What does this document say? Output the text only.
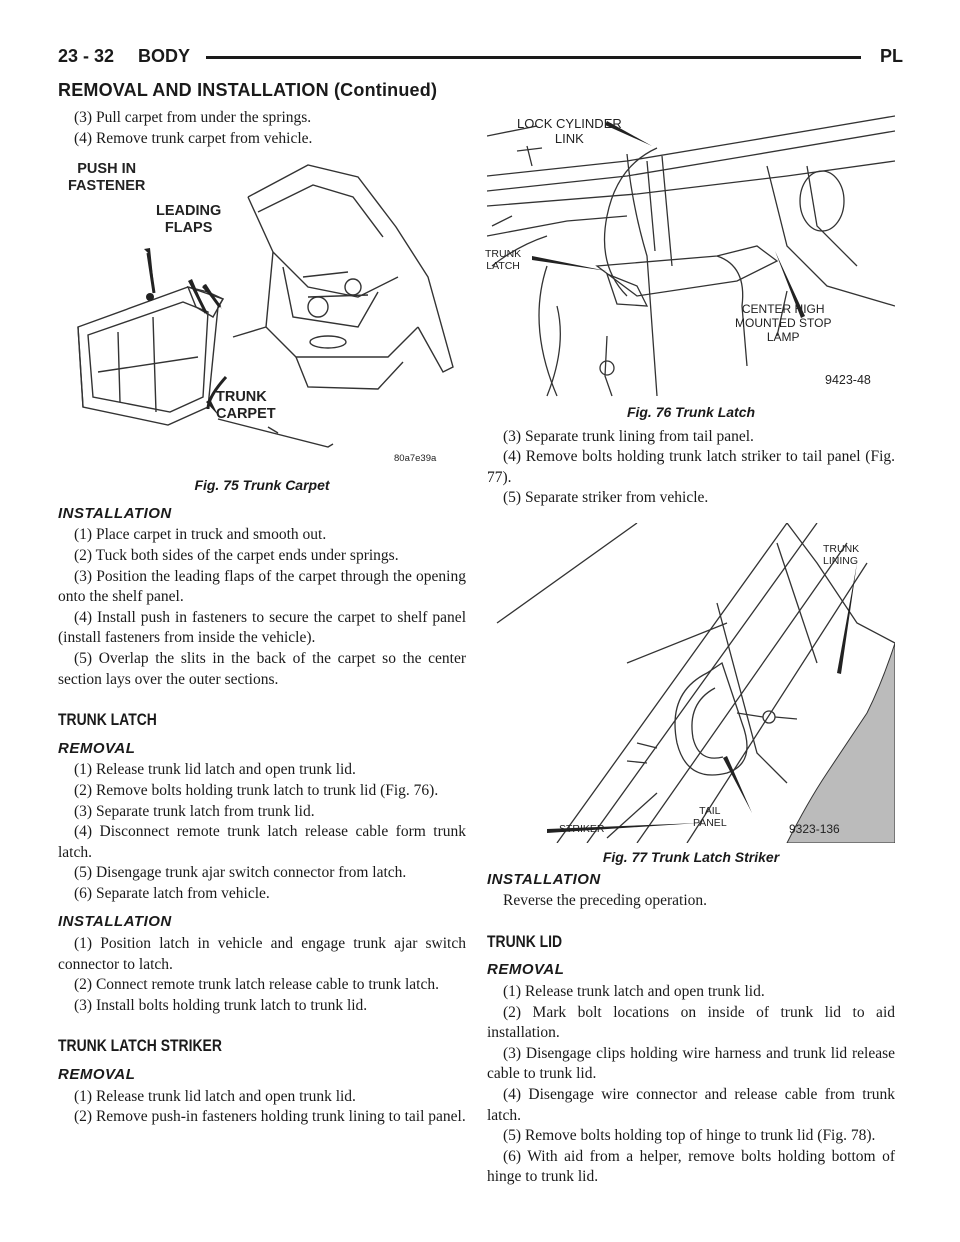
23 - 32 BODY	PL
REMOVAL AND INSTALLATION (Continued)

(3) Pull carpet from under the springs.

(4) Remove trunk carpet from vehicle.

PUSH IN
FASTENER
LEADING
FLAPS
TRUNK
CARPET
80a7e39a
Fig. 75 Trunk Carpet
INSTALLATION

(1) Place carpet in truck and smooth out.

(2) Tuck both sides of the carpet ends under springs.

(3) Position the leading flaps of the carpet through the opening onto the shelf panel.

(4) Install push in fasteners to secure the carpet to shelf panel (install fasteners from inside the vehicle).

(5) Overlap the slits in the back of the carpet so the center section lays over the outer sections.

TRUNK LATCH
REMOVAL

(1) Release trunk lid latch and open trunk lid.

(2) Remove bolts holding trunk latch to trunk lid (Fig. 76).

(3) Separate trunk latch from trunk lid.

(4) Disconnect remote trunk latch release cable form trunk latch.

(5) Disengage trunk ajar switch connector from latch.

(6) Separate latch from vehicle.

INSTALLATION

(1) Position latch in vehicle and engage trunk ajar switch connector to latch.

(2) Connect remote trunk latch release cable to trunk latch.

(3) Install bolts holding trunk latch to trunk lid.

TRUNK LATCH STRIKER
REMOVAL

(1) Release trunk lid latch and open trunk lid.

(2) Remove push-in fasteners holding trunk lining to tail panel.

LOCK CYLINDER
LINK
TRUNK
LATCH
CENTER HIGH
MOUNTED STOP
LAMP
9423-48
Fig. 76 Trunk Latch

(3) Separate trunk lining from tail panel.

(4) Remove bolts holding trunk latch striker to tail panel (Fig. 77).

(5) Separate striker from vehicle.

TRUNK
LINING
STRIKER
TAIL
PANEL	9323-136
Fig. 77 Trunk Latch Striker
INSTALLATION

Reverse the preceding operation.

TRUNK LID
REMOVAL

(1) Release trunk latch and open trunk lid.

(2) Mark bolt locations on inside of trunk lid to aid installation.

(3) Disengage clips holding wire harness and trunk lid release cable to trunk lid.

(4) Disengage wire connector and release cable from trunk latch.

(5) Remove bolts holding top of hinge to trunk lid (Fig. 78).

(6) With aid from a helper, remove bolts holding bottom of hinge to trunk lid.
